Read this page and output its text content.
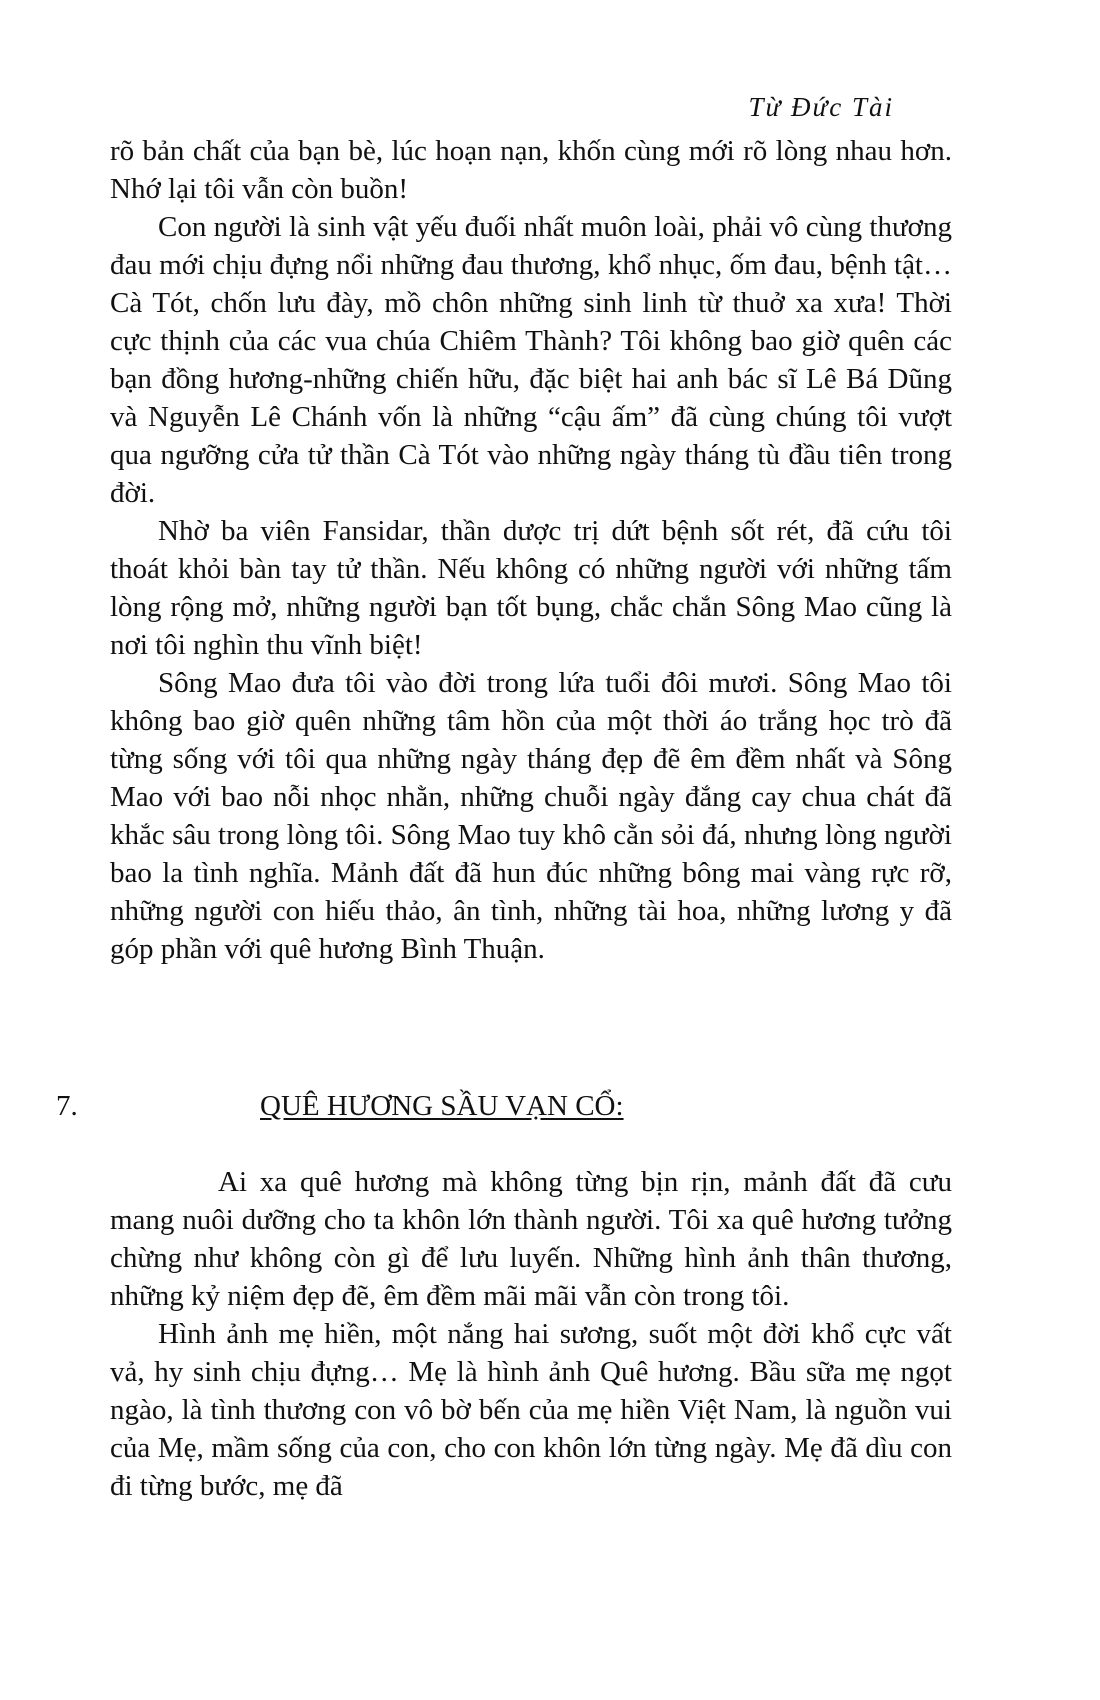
Từ Đức Tài

rõ bản chất của bạn bè, lúc hoạn nạn, khốn cùng mới rõ lòng nhau hơn. Nhớ lại tôi vẫn còn buồn!

Con người là sinh vật yếu đuối nhất muôn loài, phải vô cùng thương đau mới chịu đựng nổi những đau thương, khổ nhục, ốm đau, bệnh tật… Cà Tót, chốn lưu đày, mồ chôn những sinh linh từ thuở xa xưa! Thời cực thịnh của các vua chúa Chiêm Thành? Tôi không bao giờ quên các bạn đồng hương-những chiến hữu, đặc biệt hai anh bác sĩ Lê Bá Dũng và Nguyễn Lê Chánh vốn là những “cậu ấm” đã cùng chúng tôi vượt qua ngưỡng cửa tử thần Cà Tót vào những ngày tháng tù đầu tiên trong đời.

Nhờ ba viên Fansidar, thần dược trị dứt bệnh sốt rét, đã cứu tôi thoát khỏi bàn tay tử thần. Nếu không có những người với những tấm lòng rộng mở, những người bạn tốt bụng, chắc chắn Sông Mao cũng là nơi tôi nghìn thu vĩnh biệt!

Sông Mao đưa tôi vào đời trong lứa tuổi đôi mươi. Sông Mao tôi không bao giờ quên những tâm hồn của một thời áo trắng học trò đã từng sống với tôi qua những ngày tháng đẹp đẽ êm đềm nhất và Sông Mao với bao nỗi nhọc nhằn, những chuỗi ngày đắng cay chua chát đã khắc sâu trong lòng tôi. Sông Mao tuy khô cằn sỏi đá, nhưng lòng người bao la tình nghĩa. Mảnh đất đã hun đúc những bông mai vàng rực rỡ, những người con hiếu thảo, ân tình, những tài hoa, những lương y đã góp phần với quê hương Bình Thuận.

7.	QUÊ HƯƠNG SẦU VẠN CỔ:

Ai xa quê hương mà không từng bịn rịn, mảnh đất đã cưu mang nuôi dưỡng cho ta khôn lớn thành người. Tôi xa quê hương tưởng chừng như không còn gì để lưu luyến. Những hình ảnh thân thương, những kỷ niệm đẹp đẽ, êm đềm mãi mãi vẫn còn trong tôi.

Hình ảnh mẹ hiền, một nắng hai sương, suốt một đời khổ cực vất vả, hy sinh chịu đựng… Mẹ là hình ảnh Quê hương. Bầu sữa mẹ ngọt ngào, là tình thương con vô bờ bến của mẹ hiền Việt Nam, là nguồn vui của Mẹ, mầm sống của con, cho con khôn lớn từng ngày. Mẹ đã dìu con đi từng bước, mẹ đã
